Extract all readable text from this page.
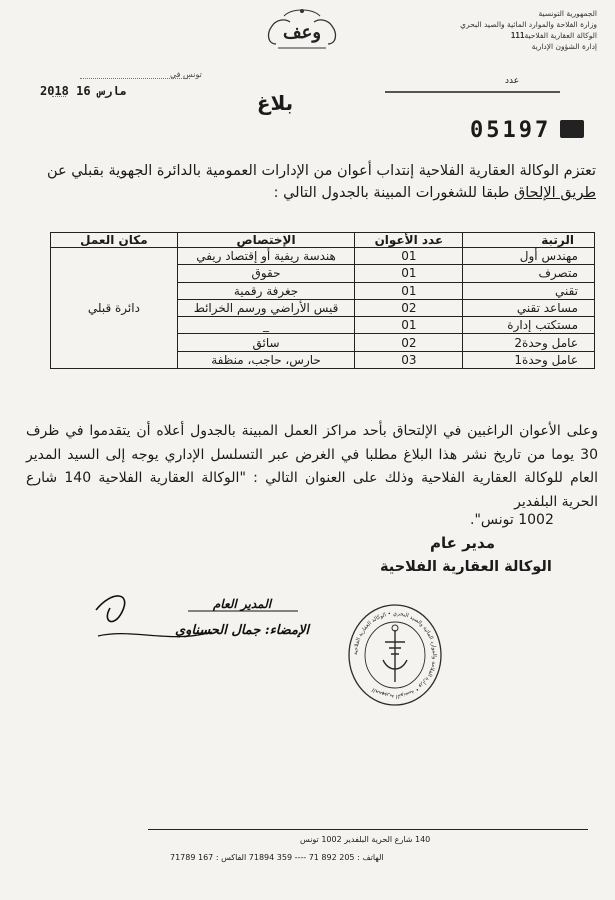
الجمهورية التونسية
وزارة الفلاحة والموارد المائية والصيد البحري
الوكالة العقارية الفلاحية111
إدارة الشؤون الإدارية
وعف
تونس في
2018 مارس 16
عدد
بلاغ
05197
تعتزم الوكالة العقارية الفلاحية إنتداب أعوان من الإدارات العمومية بالدائرة الجهوية بقبلي عن طريق الإلحاق طبقا للشغورات المبينة بالجدول التالي :
الرتبة	عدد الأعوان	الإختصاص	مكان العمل
مهندس أول	01	هندسة ريفية أو إقتصاد ريفي	دائرة قبلي
متصرف	01	حقوق	
تقني	01	جغرفة رقمية	
مساعد تقني	02	قيس الأراضي ورسم الخرائط	
مستكتب إدارة	01	_	
عامل وحدة2	02	سائق	
عامل وحدة1	03	حارس، حاجب، منظفة	
وعلى الأعوان الراغبين في الإلتحاق بأحد مراكز العمل المبينة بالجدول أعلاه أن يتقدموا في ظرف 30 يوما من تاريخ نشر هذا البلاغ مطلبا في الغرض عبر التسلسل الإداري يوجه إلى السيد المدير العام للوكالة العقارية الفلاحية وذلك على العنوان التالي : "الوكالة العقارية الفلاحية 140 شارع الحرية البلفدير
1002 تونس".
مدير عام
الوكالة العقارية الفلاحية
المدير العام
الإمضاء: جمال الحسناوي
الجمهورية التونسية • وزارة الفلاحة والموارد المائية والصيد البحري • الوكالة العقارية الفلاحية
140 شارع الحرية البلفدير 1002 تونس
الهاتف : 205 892 71 ---- 359 71894 الفاكس : 167 71789
